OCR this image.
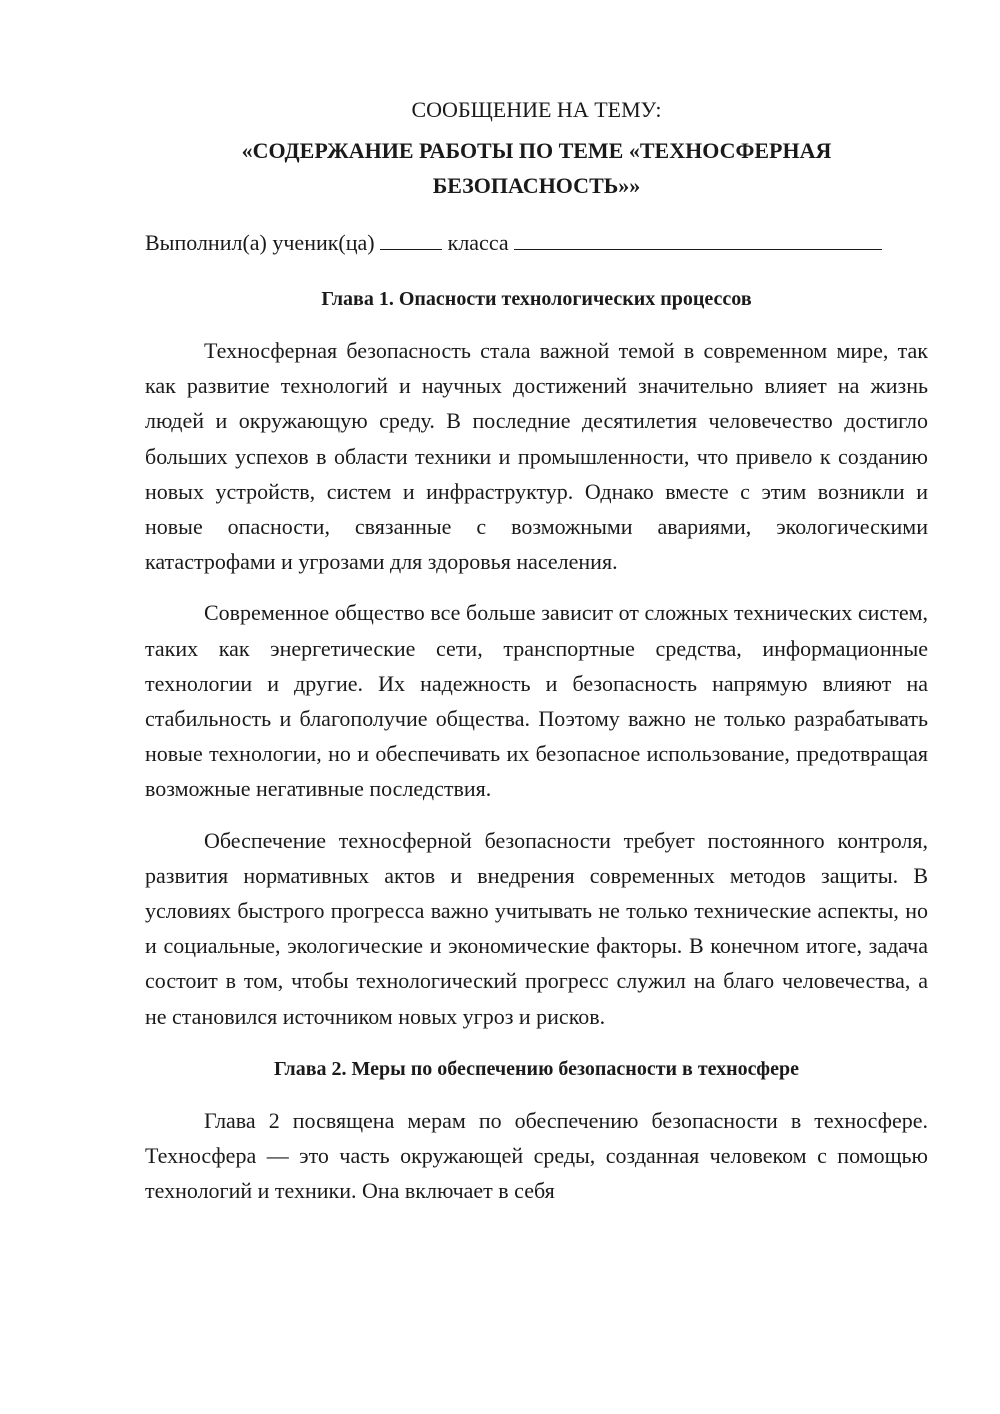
СООБЩЕНИЕ НА ТЕМУ:

«СОДЕРЖАНИЕ РАБОТЫ ПО ТЕМЕ «ТЕХНОСФЕРНАЯ БЕЗОПАСНОСТЬ»»

Выполнил(а) ученик(ца)	класса

Глава 1. Опасности технологических процессов

Техносферная безопасность стала важной темой в современном мире, так как развитие технологий и научных достижений значительно влияет на жизнь людей и окружающую среду. В последние десятилетия человечество достигло больших успехов в области техники и промышленности, что привело к созданию новых устройств, систем и инфраструктур. Однако вместе с этим возникли и новые опасности, связанные с возможными авариями, экологическими катастрофами и угрозами для здоровья населения.

Современное общество все больше зависит от сложных технических систем, таких как энергетические сети, транспортные средства, информационные технологии и другие. Их надежность и безопасность напрямую влияют на стабильность и благополучие общества. Поэтому важно не только разрабатывать новые технологии, но и обеспечивать их безопасное использование, предотвращая возможные негативные последствия.

Обеспечение техносферной безопасности требует постоянного контроля, развития нормативных актов и внедрения современных методов защиты. В условиях быстрого прогресса важно учитывать не только технические аспекты, но и социальные, экологические и экономические факторы. В конечном итоге, задача состоит в том, чтобы технологический прогресс служил на благо человечества, а не становился источником новых угроз и рисков.

Глава 2. Меры по обеспечению безопасности в техносфере

Глава 2 посвящена мерам по обеспечению безопасности в техносфере. Техносфера — это часть окружающей среды, созданная человеком с помощью технологий и техники. Она включает в себя
